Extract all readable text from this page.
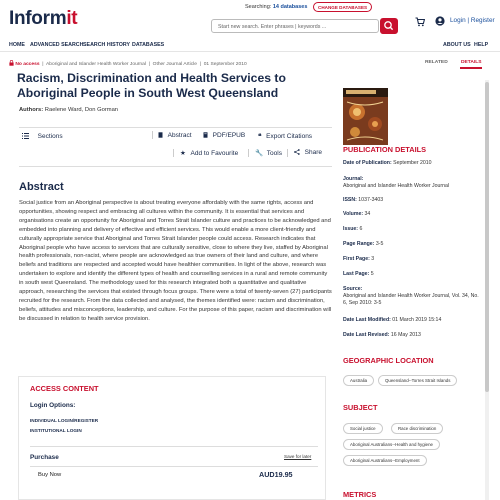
Informit
Searching: 14 databases	CHANGE DATABASES
Start new search. Enter phrases | keywords ...
Login | Register
HOME ADVANCED SEARCH SEARCH HISTORY DATABASES	ABOUT US HELP
No access  |  Aboriginal and Islander Health Worker Journal  |  Other Journal Article  |  01 September 2010	RELATED	DETAILS
Racism, Discrimination and Health Services to Aboriginal People in South West Queensland
Authors: Raelene Ward, Don Gorman
Sections	Abstract	PDF/EPUB ❝ Export Citations
★ Add to Favourite	🔧 Tools	Share
Abstract
Social justice from an Aboriginal perspective is about treating everyone affordably with the same rights, access and opportunities, showing respect and embracing all cultures within the community. It is essential that services and organisations create an opportunity for Aboriginal and Torres Strait Islander culture and practices to be acknowledged and embedded into planning and delivery of effective and efficient services. This would enable a more client-friendly and culturally appropriate service that Aboriginal and Torres Strait Islander people could access. Research indicates that Aboriginal people who have access to services that are culturally sensitive, close to where they live, staffed by Aboriginal health professionals, non-racist, where people are acknowledged as true owners of their land and culture, and where beliefs and traditions are respected and accepted would have healthier communities. In light of the above, research was undertaken to explore and identify the different types of health and counselling services in a rural and remote community in south west Queensland. The methodology used for this research integrated both a quantitative and qualitative approach, researching the services that existed through focus groups. There were a total of twenty-seven (27) participants recruited for the research. From the data collected and analysed, the themes identified were: racism and discrimination, beliefs, attitudes and misconceptions, leadership, and culture. For the purpose of this paper, racism and discrimination will be discussed in relation to health service provision.
ACCESS CONTENT
Login Options:
INDIVIDUAL LOGIN/REGISTER
INSTITUTIONAL LOGIN
Purchase	Save for later
Buy Now	AUD19.95
PUBLICATION DETAILS
Date of Publication: September 2010
Journal:
Aboriginal and Islander Health Worker Journal
ISSN: 1037-3403
Volume: 34
Issue: 6
Page Range: 3-5
First Page: 3
Last Page: 5
Source:
Aboriginal and Islander Health Worker Journal, Vol. 34, No. 6, Sep 2010: 3-5
Date Last Modified: 01 March 2019 15:14
Date Last Revised: 16 May 2013
GEOGRAPHIC LOCATION
Australia	Queensland--Torres Strait Islands
SUBJECT
Social justice	Race discrimination
Aboriginal Australians--Health and hygiene
Aboriginal Australians--Employment
METRICS
